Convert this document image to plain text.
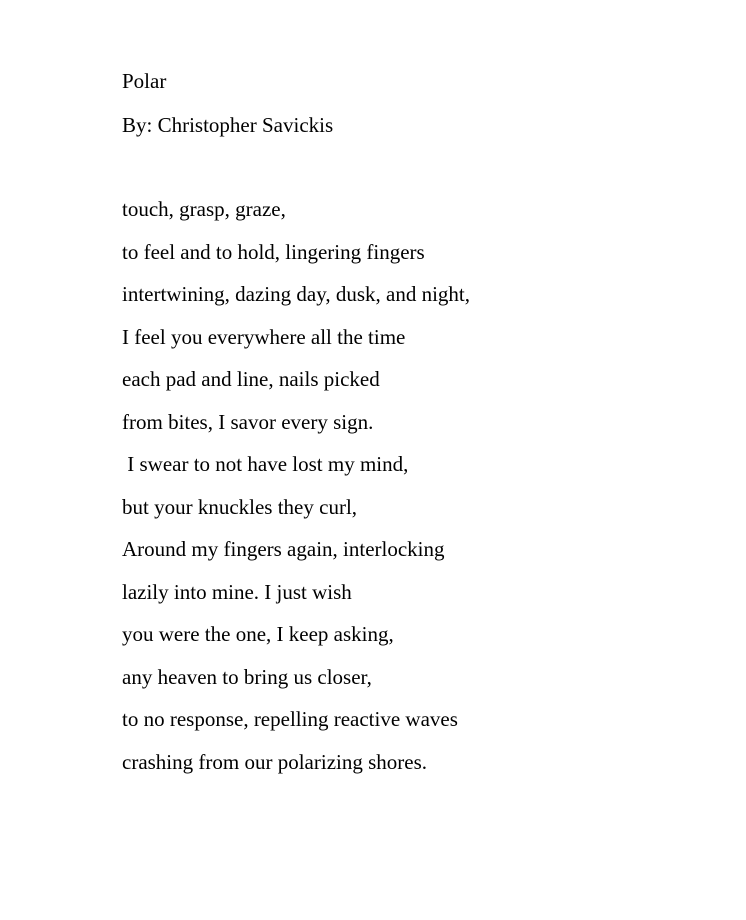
Polar

By: Christopher Savickis

touch, grasp, graze,
to feel and to hold, lingering fingers
intertwining, dazing day, dusk, and night,
I feel you everywhere all the time
each pad and line, nails picked
from bites, I savor every sign.
I swear to not have lost my mind,
but your knuckles they curl,
Around my fingers again, interlocking
lazily into mine. I just wish
you were the one, I keep asking,
any heaven to bring us closer,
to no response, repelling reactive waves
crashing from our polarizing shores.
